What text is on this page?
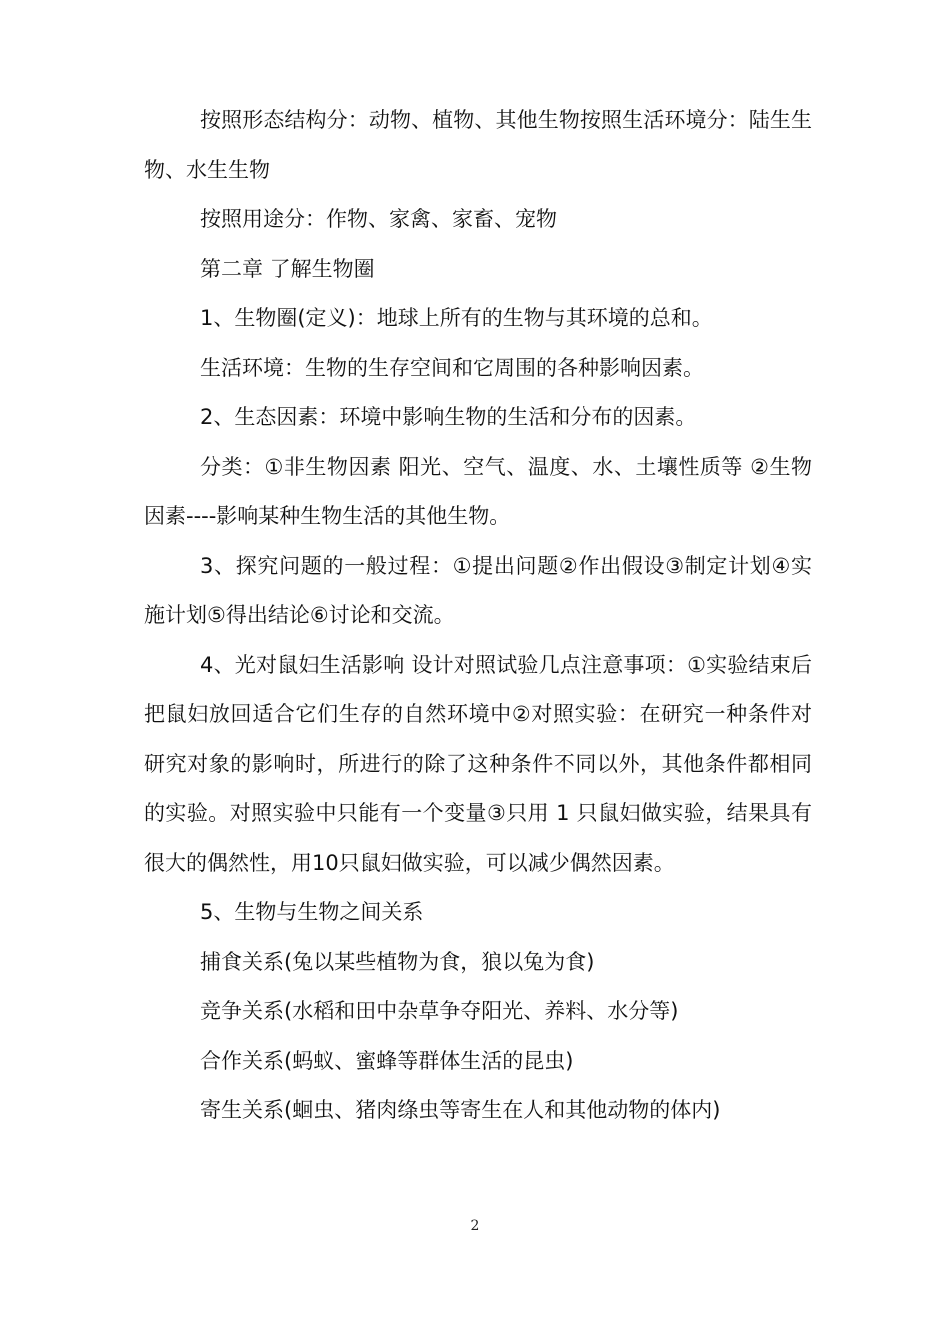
按照形态结构分：动物、植物、其他生物按照生活环境分：陆生生物、水生生物

按照用途分：作物、家禽、家畜、宠物

第二章 了解生物圈

1、生物圈(定义)：地球上所有的生物与其环境的总和。

生活环境：生物的生存空间和它周围的各种影响因素。

2、生态因素：环境中影响生物的生活和分布的因素。

分类：①非生物因素 阳光、空气、温度、水、土壤性质等 ②生物因素----影响某种生物生活的其他生物。

3、探究问题的一般过程：①提出问题②作出假设③制定计划④实施计划⑤得出结论⑥讨论和交流。

4、光对鼠妇生活影响 设计对照试验几点注意事项：①实验结束后把鼠妇放回适合它们生存的自然环境中②对照实验：在研究一种条件对研究对象的影响时，所进行的除了这种条件不同以外，其他条件都相同的实验。对照实验中只能有一个变量③只用 1 只鼠妇做实验，结果具有很大的偶然性，用10只鼠妇做实验，可以减少偶然因素。

5、生物与生物之间关系

捕食关系(兔以某些植物为食，狼以兔为食)

竞争关系(水稻和田中杂草争夺阳光、养料、水分等)

合作关系(蚂蚁、蜜蜂等群体生活的昆虫)

寄生关系(蛔虫、猪肉绦虫等寄生在人和其他动物的体内)

2
